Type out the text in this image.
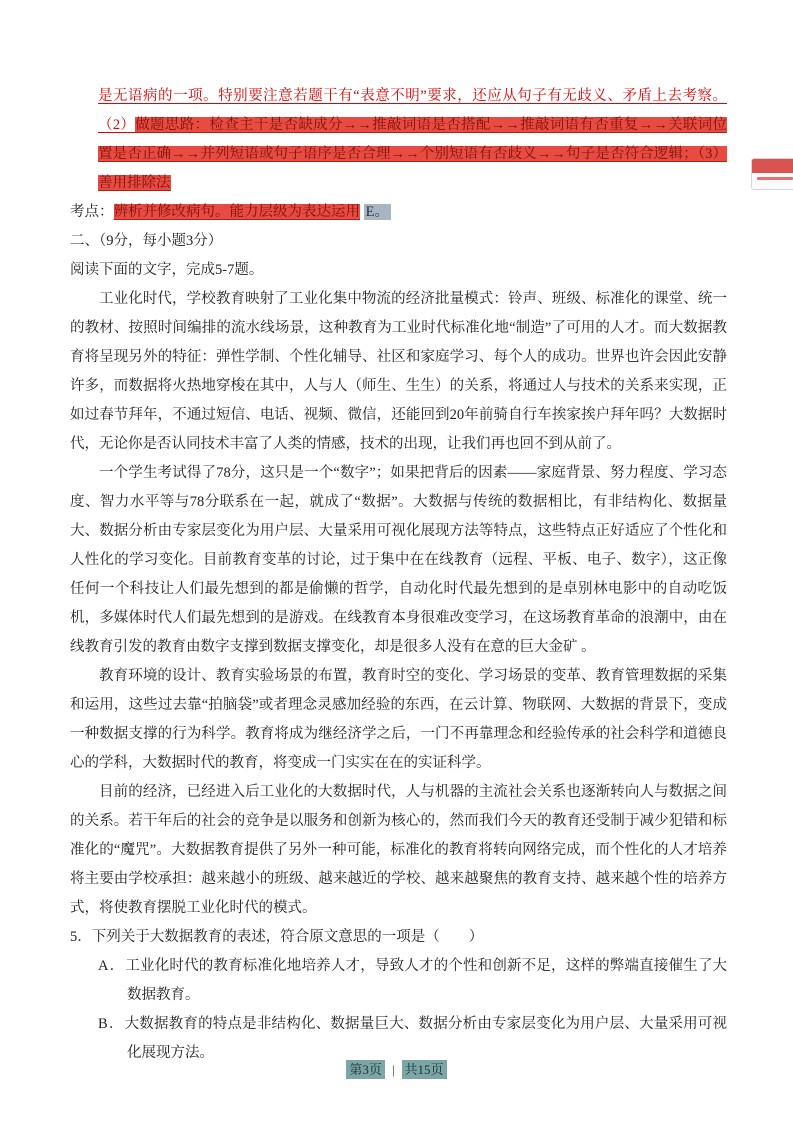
是无语病的一项。特别要注意若题干有“表意不明”要求，还应从句子有无歧义、矛盾上去考察。（2）做题思路：检查主干是否缺成分→→推敲词语是否搭配→→推敲词语有否重复→→关联词位置是否正确→→并列短语或句子语序是否合理→→个别短语有否歧义→→句子是否符合逻辑；（3）善用排除法

考点：辨析并修改病句。能力层级为表达运用 E。

二、（9分，每小题3分）

阅读下面的文字，完成5-7题。

工业化时代，学校教育映射了工业化集中物流的经济批量模式：铃声、班级、标准化的课堂、统一的教材、按照时间编排的流水线场景，这种教育为工业时代标准化地“制造”了可用的人才。而大数据教育将呈现另外的特征：弹性学制、个性化辅导、社区和家庭学习、每个人的成功。世界也许会因此安静许多，而数据将火热地穿梭在其中，人与人（师生、生生）的关系，将通过人与技术的关系来实现，正如过春节拜年，不通过短信、电话、视频、微信，还能回到20年前骑自行车挨家挨户拜年吗？大数据时代，无论你是否认同技术丰富了人类的情感，技术的出现，让我们再也回不到从前了。

一个学生考试得了78分，这只是一个“数字”；如果把背后的因素——家庭背景、努力程度、学习态度、智力水平等与78分联系在一起，就成了“数据”。大数据与传统的数据相比，有非结构化、数据量大、数据分析由专家层变化为用户层、大量采用可视化展现方法等特点，这些特点正好适应了个性化和人性化的学习变化。目前教育变革的讨论，过于集中在在线教育（远程、平板、电子、数字），这正像任何一个科技让人们最先想到的都是偷懒的哲学，自动化时代最先想到的是卓别林电影中的自动吃饭机，多媒体时代人们最先想到的是游戏。在线教育本身很难改变学习，在这场教育革命的浪潮中，由在线教育引发的教育由数字支撑到数据支撑变化，却是很多人没有在意的巨大金矿 。

教育环境的设计、教育实验场景的布置，教育时空的变化、学习场景的变革、教育管理数据的采集和运用，这些过去靠“拍脑袋”或者理念灵感加经验的东西，在云计算、物联网、大数据的背景下，变成一种数据支撑的行为科学。教育将成为继经济学之后，一门不再靠理念和经验传承的社会科学和道德良心的学科，大数据时代的教育，将变成一门实实在在的实证科学。

目前的经济，已经进入后工业化的大数据时代，人与机器的主流社会关系也逐渐转向人与数据之间的关系。若干年后的社会的竞争是以服务和创新为核心的，然而我们今天的教育还受制于减少犯错和标准化的“魔咒”。大数据教育提供了另外一种可能，标准化的教育将转向网络完成，而个性化的人才培养将主要由学校承担：越来越小的班级、越来越近的学校、越来越聚焦的教育支持、越来越个性的培养方式，将使教育摆脱工业化时代的模式。

5．下列关于大数据教育的表述，符合原文意思的一项是（　　）

A．工业化时代的教育标准化地培养人才，导致人才的个性和创新不足，这样的弊端直接催生了大数据教育。

B．大数据教育的特点是非结构化、数据量巨大、数据分析由专家层变化为用户层、大量采用可视化展现方法。

第3页 | 共15页
